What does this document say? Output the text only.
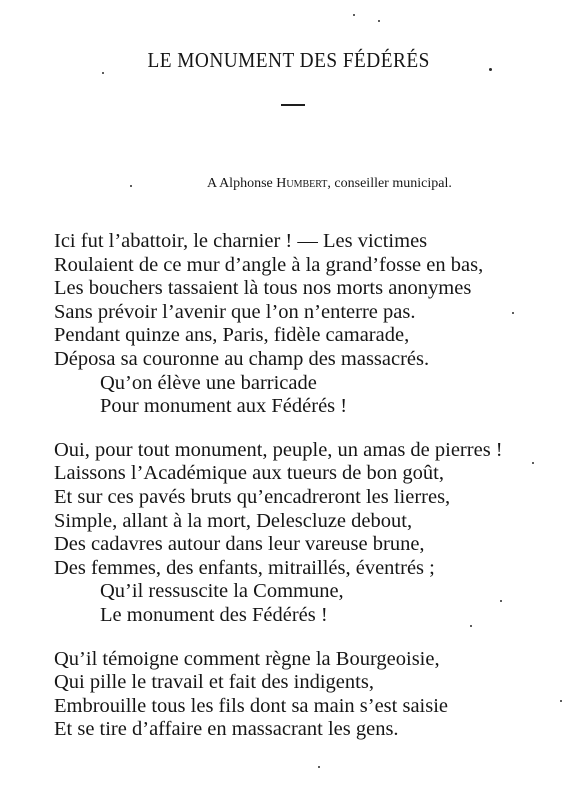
LE MONUMENT DES FÉDÉRÉS
A Alphonse Humbert, conseiller municipal.
Ici fut l’abattoir, le charnier ! — Les victimes
Roulaient de ce mur d’angle à la grand’fosse en bas,
Les bouchers tassaient là tous nos morts anonymes
Sans prévoir l’avenir que l’on n’enterre pas.
Pendant quinze ans, Paris, fidèle camarade,
Déposa sa couronne au champ des massacrés.
Qu’on élève une barricade
Pour monument aux Fédérés !
Oui, pour tout monument, peuple, un amas de pierres !
Laissons l’Académique aux tueurs de bon goût,
Et sur ces pavés bruts qu’encadreront les lierres,
Simple, allant à la mort, Delescluze debout,
Des cadavres autour dans leur vareuse brune,
Des femmes, des enfants, mitraillés, éventrés ;
Qu’il ressuscite la Commune,
Le monument des Fédérés !
Qu’il témoigne comment règne la Bourgeoisie,
Qui pille le travail et fait des indigents,
Embrouille tous les fils dont sa main s’est saisie
Et se tire d’affaire en massacrant les gens.
